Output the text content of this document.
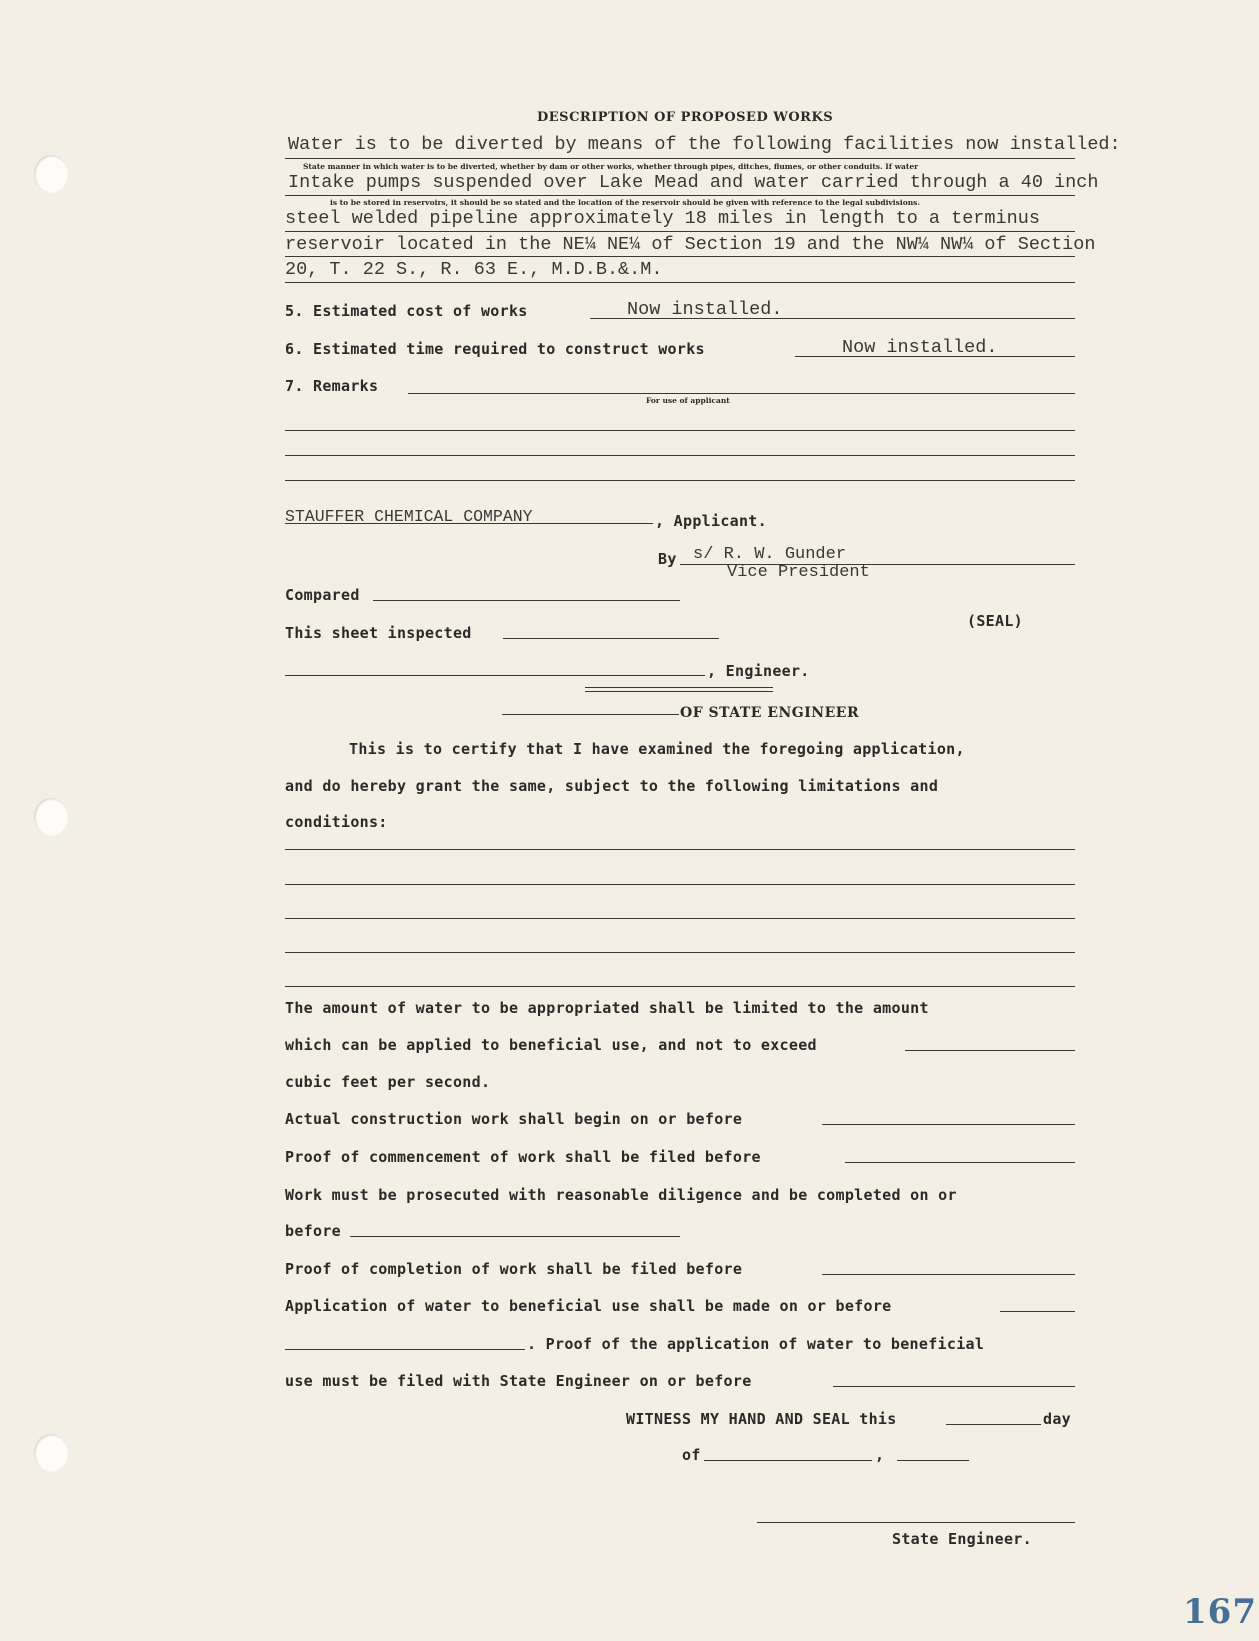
DESCRIPTION OF PROPOSED WORKS
Water is to be diverted by means of the following facilities now installed:
State manner in which water is to be diverted, whether by dam or other works, whether through pipes, ditches, flumes, or other conduits. If water
Intake pumps suspended over Lake Mead and water carried through a 40 inch
is to be stored in reservoirs, it should be so stated and the location of the reservoir should be given with reference to the legal subdivisions.
steel welded pipeline approximately 18 miles in length to a terminus
reservoir located in the NE¼ NE¼ of Section 19 and the NW¼ NW¼ of Section
20, T. 22 S., R. 63 E., M.D.B.&.M.
5. Estimated cost of works	Now installed.
6. Estimated time required to construct works	Now installed.
7. Remarks
For use of applicant
STAUFFER CHEMICAL COMPANY	, Applicant.
By s/ R. W. Gunder
Vice President
Compared
This sheet inspected
(SEAL)
, Engineer.
OF STATE ENGINEER
This is to certify that I have examined the foregoing application,
and do hereby grant the same, subject to the following limitations and
conditions:
The amount of water to be appropriated shall be limited to the amount
which can be applied to beneficial use, and not to exceed
cubic feet per second.
Actual construction work shall begin on or before
Proof of commencement of work shall be filed before
Work must be prosecuted with reasonable diligence and be completed on or
before
Proof of completion of work shall be filed before
Application of water to beneficial use shall be made on or before
. Proof of the application of water to beneficial
use must be filed with State Engineer on or before
WITNESS MY HAND AND SEAL this	day
of	,
State Engineer.
167
